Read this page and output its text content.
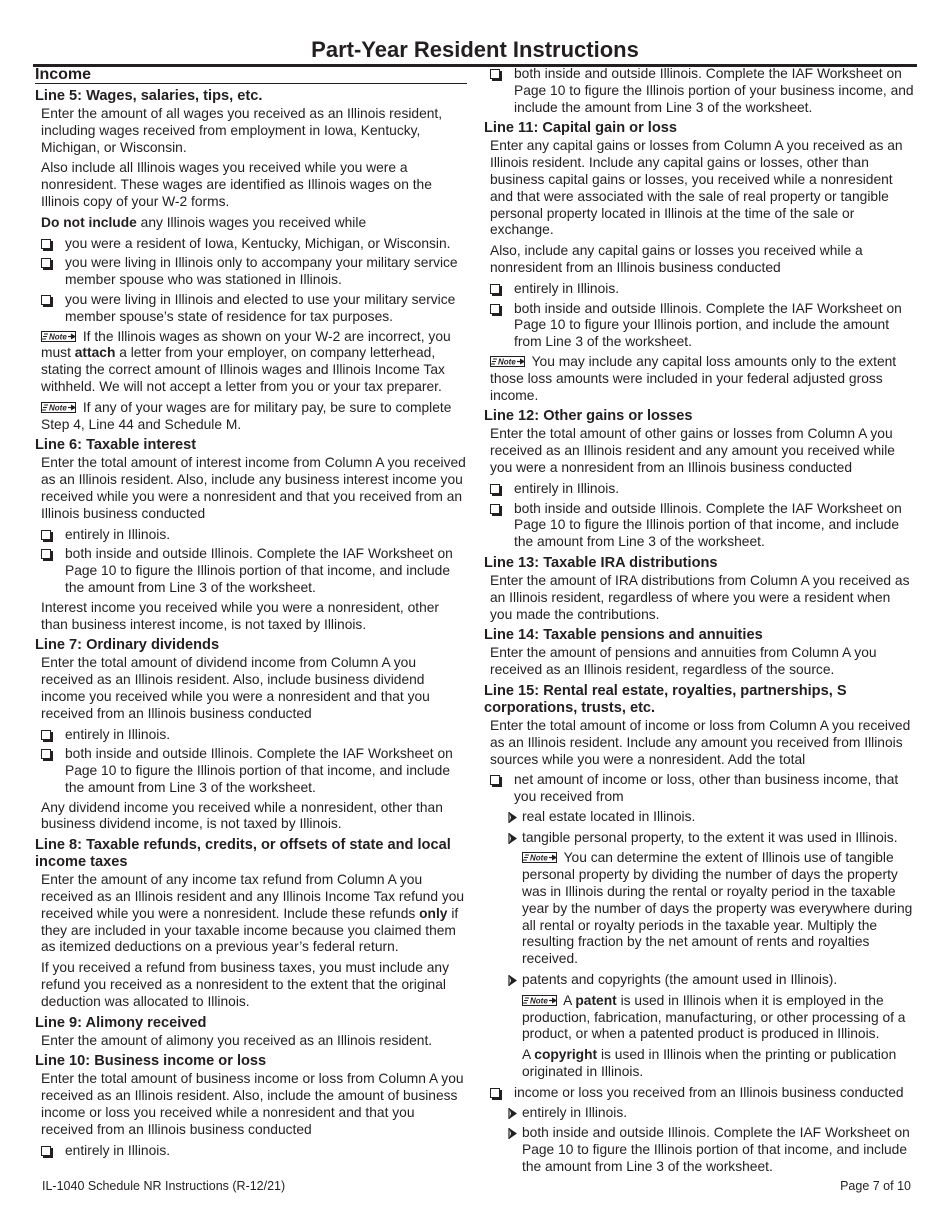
Part-Year Resident Instructions
Income
Line 5: Wages, salaries, tips, etc.

Enter the amount of all wages you received as an Illinois resident, including wages received from employment in Iowa, Kentucky, Michigan, or Wisconsin.

Also include all Illinois wages you received while you were a nonresident. These wages are identified as Illinois wages on the Illinois copy of your W-2 forms.

Do not include any Illinois wages you received while

you were a resident of Iowa, Kentucky, Michigan, or Wisconsin.
you were living in Illinois only to accompany your military service member spouse who was stationed in Illinois.
you were living in Illinois and elected to use your military service member spouse’s state of residence for tax purposes.

If the Illinois wages as shown on your W-2 are incorrect, you must attach a letter from your employer, on company letterhead, stating the correct amount of Illinois wages and Illinois Income Tax withheld. We will not accept a letter from you or your tax preparer.

If any of your wages are for military pay, be sure to complete Step 4, Line 44 and Schedule M.

Line 6: Taxable interest

Enter the total amount of interest income from Column A you received as an Illinois resident. Also, include any business interest income you received while you were a nonresident and that you received from an Illinois business conducted

entirely in Illinois.
both inside and outside Illinois. Complete the IAF Worksheet on Page 10 to figure the Illinois portion of that income, and include the amount from Line 3 of the worksheet.

Interest income you received while you were a nonresident, other than business interest income, is not taxed by Illinois.

Line 7: Ordinary dividends

Enter the total amount of dividend income from Column A you received as an Illinois resident. Also, include business dividend income you received while you were a nonresident and that you received from an Illinois business conducted

entirely in Illinois.
both inside and outside Illinois. Complete the IAF Worksheet on Page 10 to figure the Illinois portion of that income, and include the amount from Line 3 of the worksheet.

Any dividend income you received while a nonresident, other than business dividend income, is not taxed by Illinois.

Line 8: Taxable refunds, credits, or offsets of state and local income taxes

Enter the amount of any income tax refund from Column A you received as an Illinois resident and any Illinois Income Tax refund you received while you were a nonresident. Include these refunds only if they are included in your taxable income because you claimed them as itemized deductions on a previous year’s federal return.

If you received a refund from business taxes, you must include any refund you received as a nonresident to the extent that the original deduction was allocated to Illinois.

Line 9: Alimony received

Enter the amount of alimony you received as an Illinois resident.

Line 10: Business income or loss

Enter the total amount of business income or loss from Column A you received as an Illinois resident. Also, include the amount of business income or loss you received while a nonresident and that you received from an Illinois business conducted

entirely in Illinois.
both inside and outside Illinois. Complete the IAF Worksheet on Page 10 to figure the Illinois portion of your business income, and include the amount from Line 3 of the worksheet.
Line 11: Capital gain or loss

Enter any capital gains or losses from Column A you received as an Illinois resident. Include any capital gains or losses, other than business capital gains or losses, you received while a nonresident and that were associated with the sale of real property or tangible personal property located in Illinois at the time of the sale or exchange.

Also, include any capital gains or losses you received while a nonresident from an Illinois business conducted

entirely in Illinois.
both inside and outside Illinois. Complete the IAF Worksheet on Page 10 to figure your Illinois portion, and include the amount from Line 3 of the worksheet.

You may include any capital loss amounts only to the extent those loss amounts were included in your federal adjusted gross income.

Line 12: Other gains or losses

Enter the total amount of other gains or losses from Column A you received as an Illinois resident and any amount you received while you were a nonresident from an Illinois business conducted

entirely in Illinois.
both inside and outside Illinois. Complete the IAF Worksheet on Page 10 to figure the Illinois portion of that income, and include the amount from Line 3 of the worksheet.
Line 13: Taxable IRA distributions

Enter the amount of IRA distributions from Column A you received as an Illinois resident, regardless of where you were a resident when you made the contributions.

Line 14: Taxable pensions and annuities

Enter the amount of pensions and annuities from Column A you received as an Illinois resident, regardless of the source.

Line 15: Rental real estate, royalties, partnerships, S corporations, trusts, etc.

Enter the total amount of income or loss from Column A you received as an Illinois resident. Include any amount you received from Illinois sources while you were a nonresident. Add the total

net amount of income or loss, other than business income, that you received from
real estate located in Illinois.
tangible personal property, to the extent it was used in Illinois.

You can determine the extent of Illinois use of tangible personal property by dividing the number of days the property was in Illinois during the rental or royalty period in the taxable year by the number of days the property was everywhere during all rental or royalty periods in the taxable year. Multiply the resulting fraction by the net amount of rents and royalties received.

patents and copyrights (the amount used in Illinois).

A patent is used in Illinois when it is employed in the production, fabrication, manufacturing, or other processing of a product, or when a patented product is produced in Illinois.

A copyright is used in Illinois when the printing or publication originated in Illinois.

income or loss you received from an Illinois business conducted
entirely in Illinois.
both inside and outside Illinois. Complete the IAF Worksheet on Page 10 to figure the Illinois portion of that income, and include the amount from Line 3 of the worksheet.
IL-1040 Schedule NR Instructions (R-12/21)	Page 7 of 10
